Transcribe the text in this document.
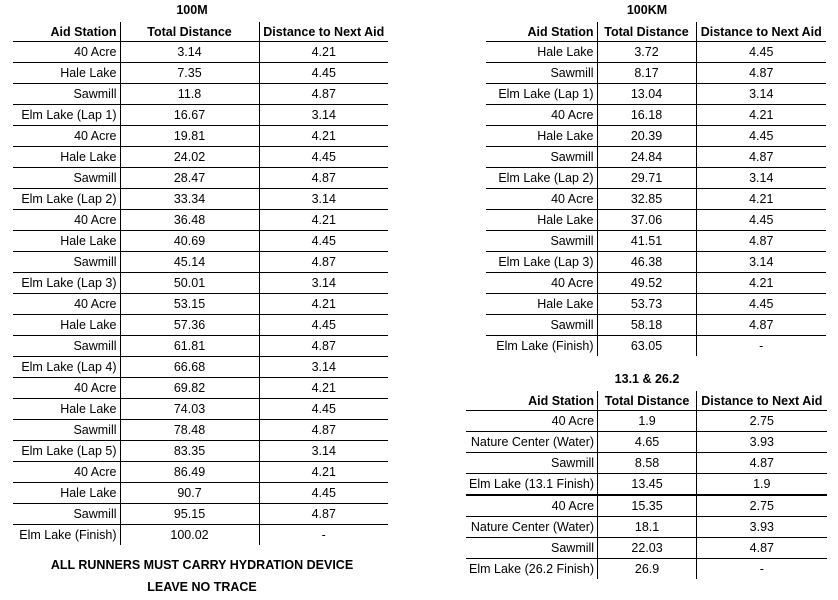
100M
Aid Station	Total Distance	Distance to Next Aid
40 Acre	3.14	4.21
Hale Lake	7.35	4.45
Sawmill	11.8	4.87
Elm Lake (Lap 1)	16.67	3.14
40 Acre	19.81	4.21
Hale Lake	24.02	4.45
Sawmill	28.47	4.87
Elm Lake (Lap 2)	33.34	3.14
40 Acre	36.48	4.21
Hale Lake	40.69	4.45
Sawmill	45.14	4.87
Elm Lake (Lap 3)	50.01	3.14
40 Acre	53.15	4.21
Hale Lake	57.36	4.45
Sawmill	61.81	4.87
Elm Lake (Lap 4)	66.68	3.14
40 Acre	69.82	4.21
Hale Lake	74.03	4.45
Sawmill	78.48	4.87
Elm Lake (Lap 5)	83.35	3.14
40 Acre	86.49	4.21
Hale Lake	90.7	4.45
Sawmill	95.15	4.87
Elm Lake (Finish)	100.02	-
100KM
Aid Station	Total Distance	Distance to Next Aid
Hale Lake	3.72	4.45
Sawmill	8.17	4.87
Elm Lake (Lap 1)	13.04	3.14
40 Acre	16.18	4.21
Hale Lake	20.39	4.45
Sawmill	24.84	4.87
Elm Lake (Lap 2)	29.71	3.14
40 Acre	32.85	4.21
Hale Lake	37.06	4.45
Sawmill	41.51	4.87
Elm Lake (Lap 3)	46.38	3.14
40 Acre	49.52	4.21
Hale Lake	53.73	4.45
Sawmill	58.18	4.87
Elm Lake (Finish)	63.05	-
13.1 & 26.2
Aid Station	Total Distance	Distance to Next Aid
40 Acre	1.9	2.75
Nature Center (Water)	4.65	3.93
Sawmill	8.58	4.87
Elm Lake (13.1 Finish)	13.45	1.9
40 Acre	15.35	2.75
Nature Center (Water)	18.1	3.93
Sawmill	22.03	4.87
Elm Lake (26.2 Finish)	26.9	-
ALL RUNNERS MUST CARRY HYDRATION DEVICE
LEAVE NO TRACE
